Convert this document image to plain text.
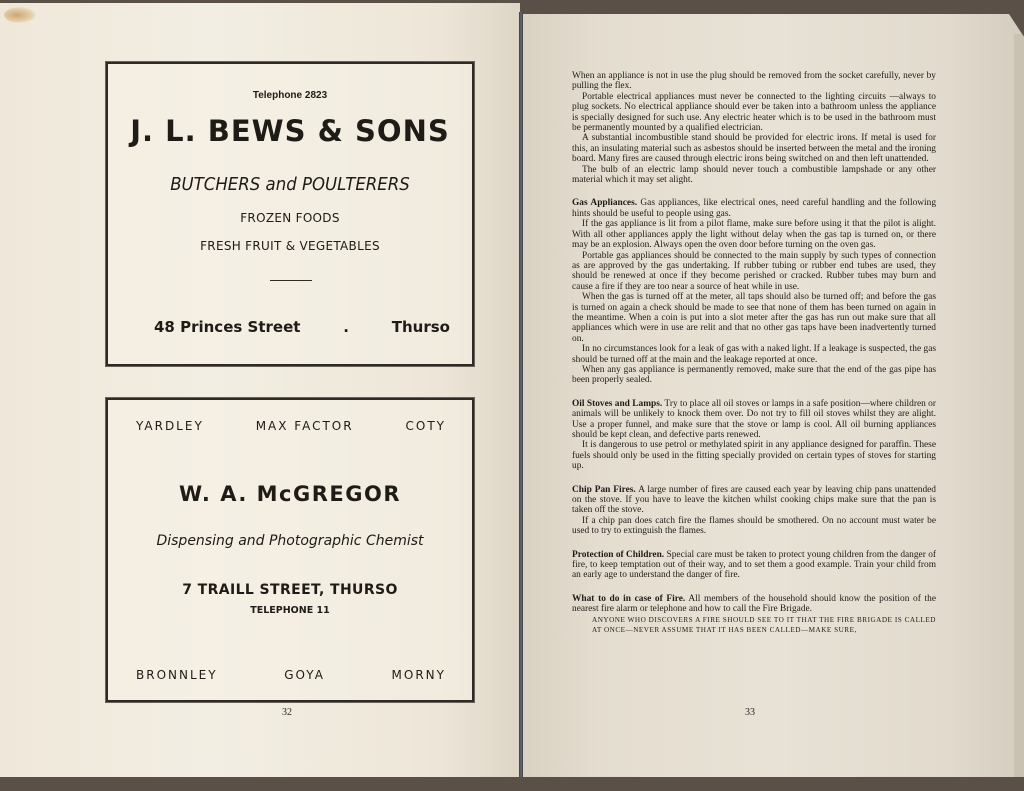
Telephone 2823
J. L. BEWS & SONS
BUTCHERS and POULTERERS
FROZEN FOODS
FRESH FRUIT & VEGETABLES
48 Princes Street	.	Thurso
YARDLEY	MAX FACTOR	COTY
W. A. McGREGOR
Dispensing and Photographic Chemist
7 TRAILL STREET, THURSO
TELEPHONE 11
BRONNLEY	GOYA	MORNY
32

When an appliance is not in use the plug should be removed from the socket carefully, never by pulling the flex.

Portable electrical appliances must never be connected to the lighting circuits —always to plug sockets. No electrical appliance should ever be taken into a bathroom unless the appliance is specially designed for such use. Any electric heater which is to be used in the bathroom must be permanently mounted by a qualified electrician.

A substantial incombustible stand should be provided for electric irons. If metal is used for this, an insulating material such as asbestos should be inserted between the metal and the ironing board. Many fires are caused through electric irons being switched on and then left unattended.

The bulb of an electric lamp should never touch a combustible lampshade or any other material which it may set alight.

Gas Appliances. Gas appliances, like electrical ones, need careful handling and the following hints should be useful to people using gas.

If the gas appliance is lit from a pilot flame, make sure before using it that the pilot is alight. With all other appliances apply the light without delay when the gas tap is turned on, or there may be an explosion. Always open the oven door before turning on the oven gas.

Portable gas appliances should be connected to the main supply by such types of connection as are approved by the gas undertaking. If rubber tubing or rubber end tubes are used, they should be renewed at once if they become perished or cracked. Rubber tubes may burn and cause a fire if they are too near a source of heat while in use.

When the gas is turned off at the meter, all taps should also be turned off; and before the gas is turned on again a check should be made to see that none of them has been turned on again in the meantime. When a coin is put into a slot meter after the gas has run out make sure that all appliances which were in use are relit and that no other gas taps have been inadvertently turned on.

In no circumstances look for a leak of gas with a naked light. If a leakage is suspected, the gas should be turned off at the main and the leakage reported at once.

When any gas appliance is permanently removed, make sure that the end of the gas pipe has been properly sealed.

Oil Stoves and Lamps. Try to place all oil stoves or lamps in a safe position—where children or animals will be unlikely to knock them over. Do not try to fill oil stoves whilst they are alight. Use a proper funnel, and make sure that the stove or lamp is cool. All oil burning appliances should be kept clean, and defective parts renewed.

It is dangerous to use petrol or methylated spirit in any appliance designed for paraffin. These fuels should only be used in the fitting specially provided on certain types of stoves for starting up.

Chip Pan Fires. A large number of fires are caused each year by leaving chip pans unattended on the stove. If you have to leave the kitchen whilst cooking chips make sure that the pan is taken off the stove.

If a chip pan does catch fire the flames should be smothered. On no account must water be used to try to extinguish the flames.

Protection of Children. Special care must be taken to protect young children from the danger of fire, to keep temptation out of their way, and to set them a good example. Train your child from an early age to understand the danger of fire.

What to do in case of Fire. All members of the household should know the position of the nearest fire alarm or telephone and how to call the Fire Brigade.

ANYONE WHO DISCOVERS A FIRE SHOULD SEE TO IT THAT THE FIRE BRIGADE IS CALLED AT ONCE—NEVER ASSUME THAT IT HAS BEEN CALLED—MAKE SURE,

33
